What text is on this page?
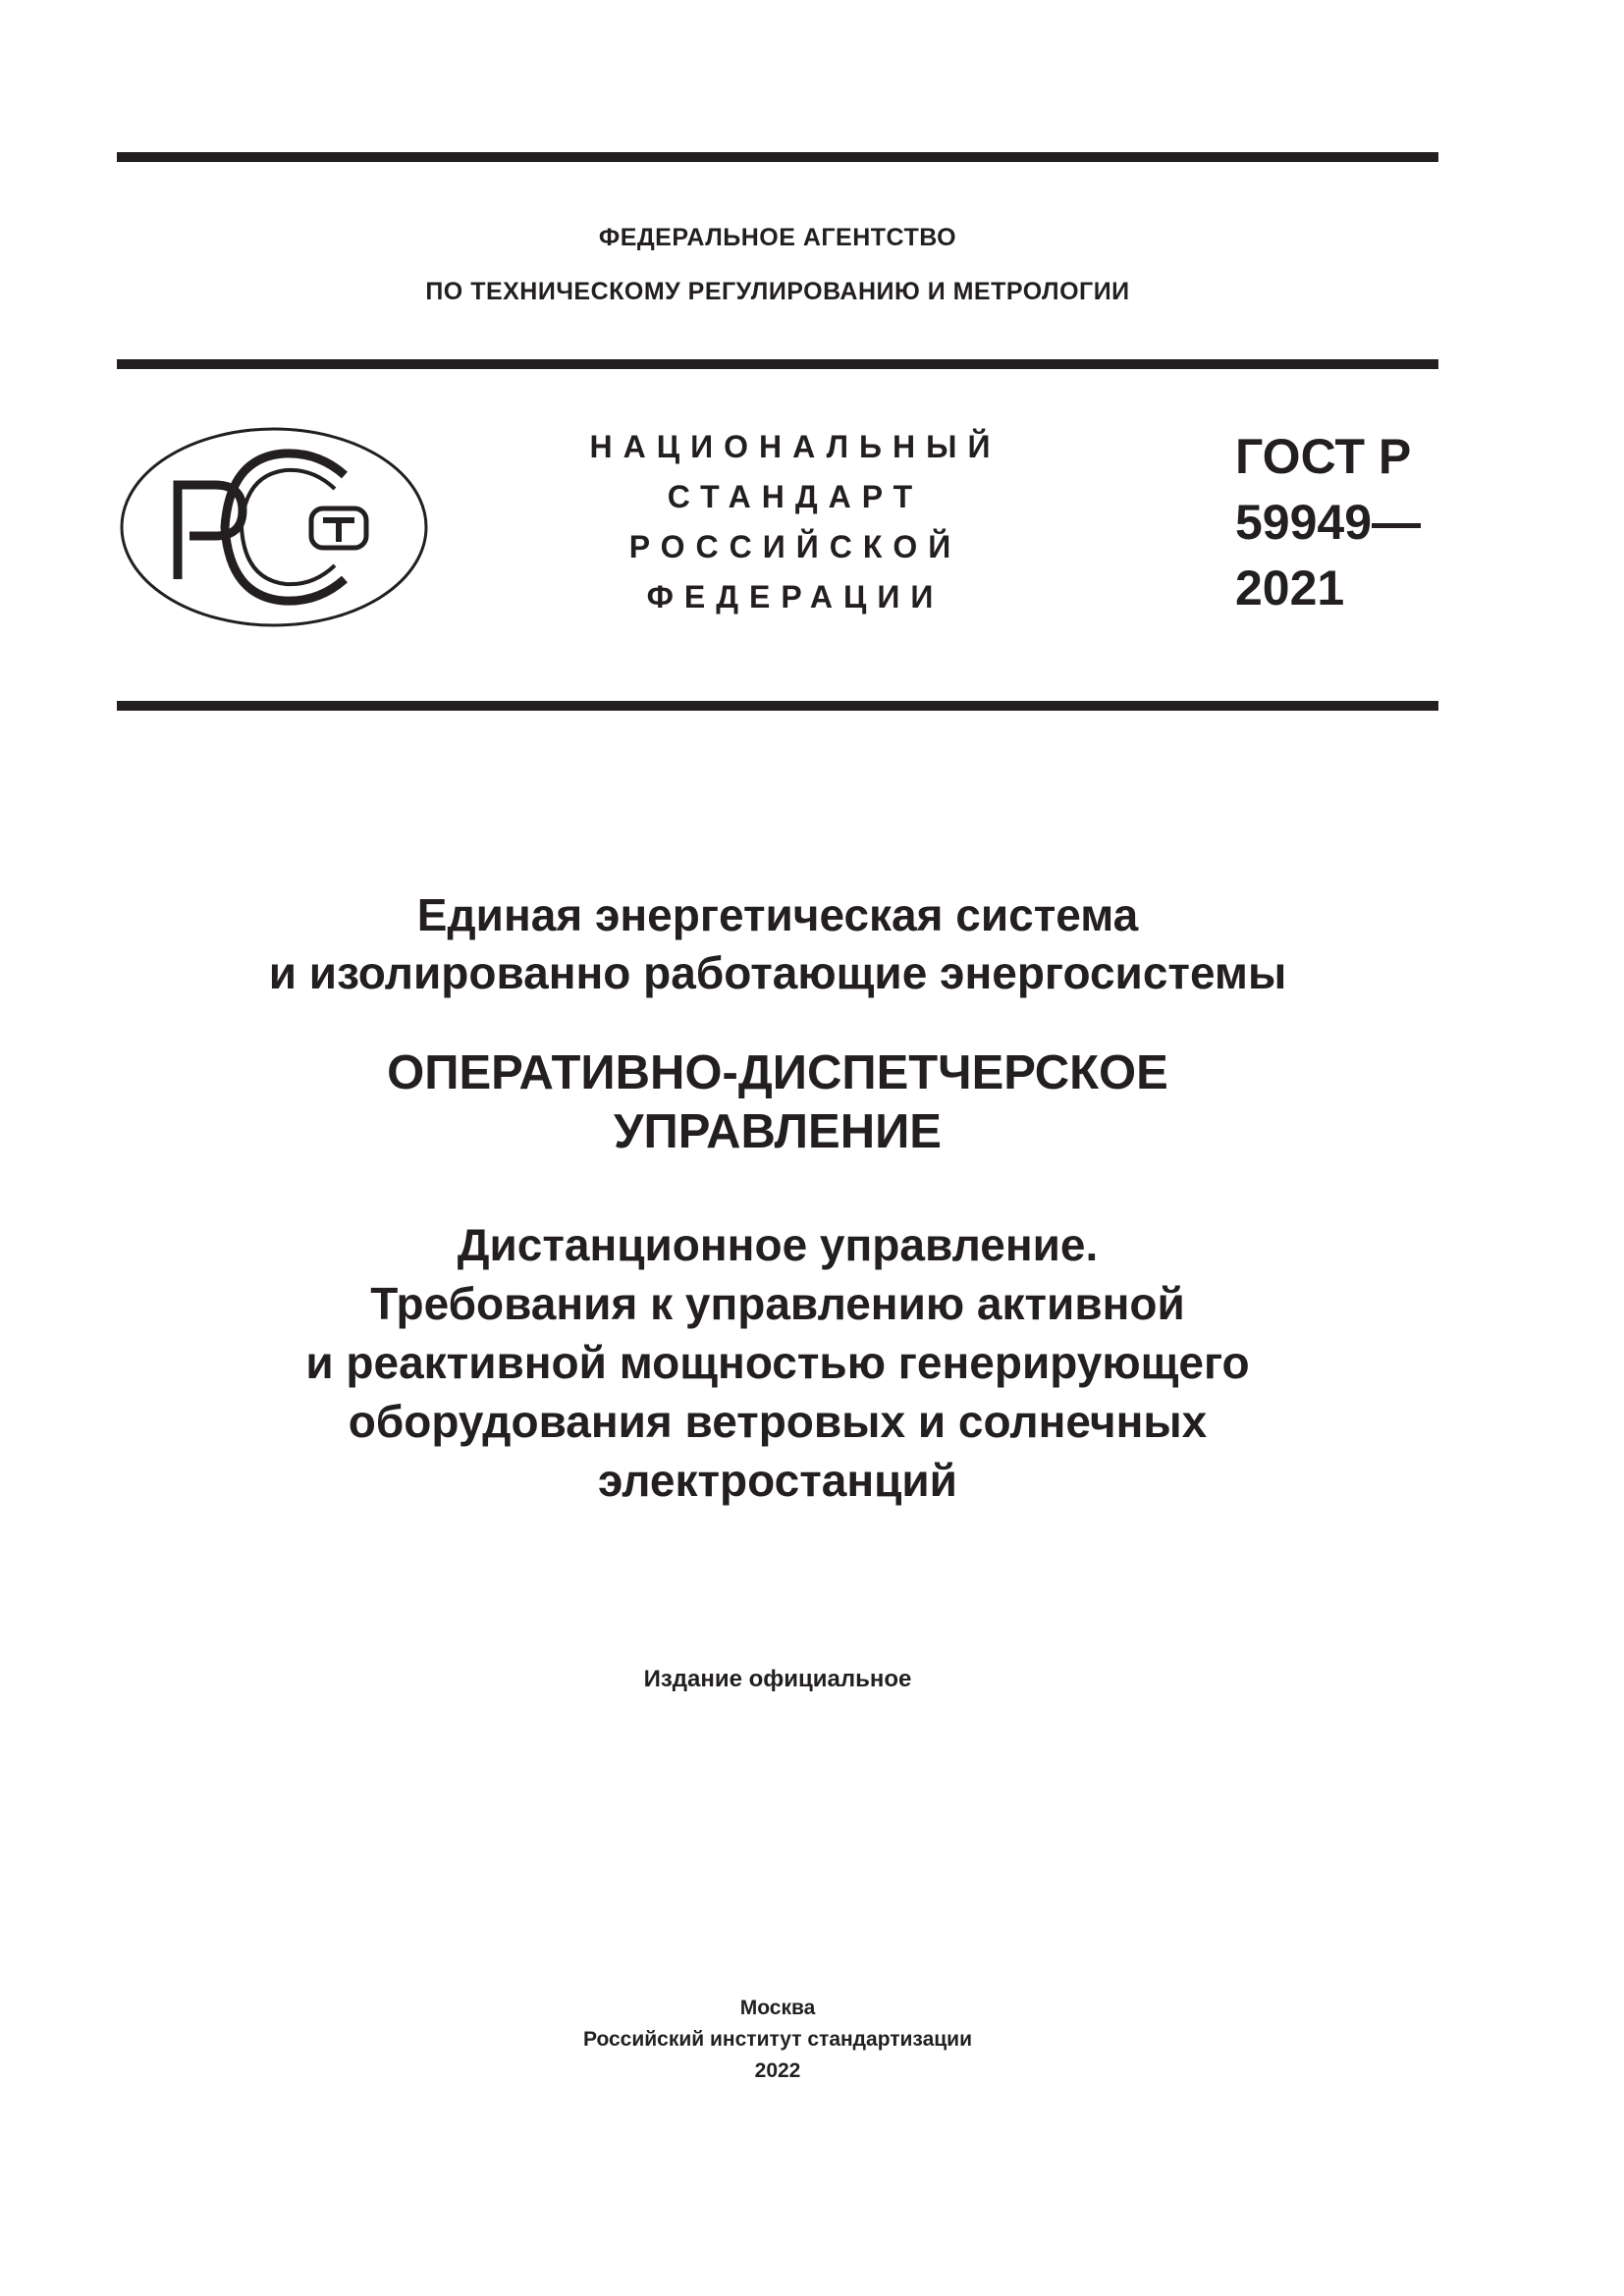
ФЕДЕРАЛЬНОЕ АГЕНТСТВО
ПО ТЕХНИЧЕСКОМУ РЕГУЛИРОВАНИЮ И МЕТРОЛОГИИ
НАЦИОНАЛЬНЫЙ
СТАНДАРТ
РОССИЙСКОЙ
ФЕДЕРАЦИИ
ГОСТ Р
59949—
2021
Единая энергетическая система
и изолированно работающие энергосистемы
ОПЕРАТИВНО-ДИСПЕТЧЕРСКОЕ
УПРАВЛЕНИЕ
Дистанционное управление.
Требования к управлению активной
и реактивной мощностью генерирующего
оборудования ветровых и солнечных
электростанций
Издание официальное
Москва
Российский институт стандартизации
2022
